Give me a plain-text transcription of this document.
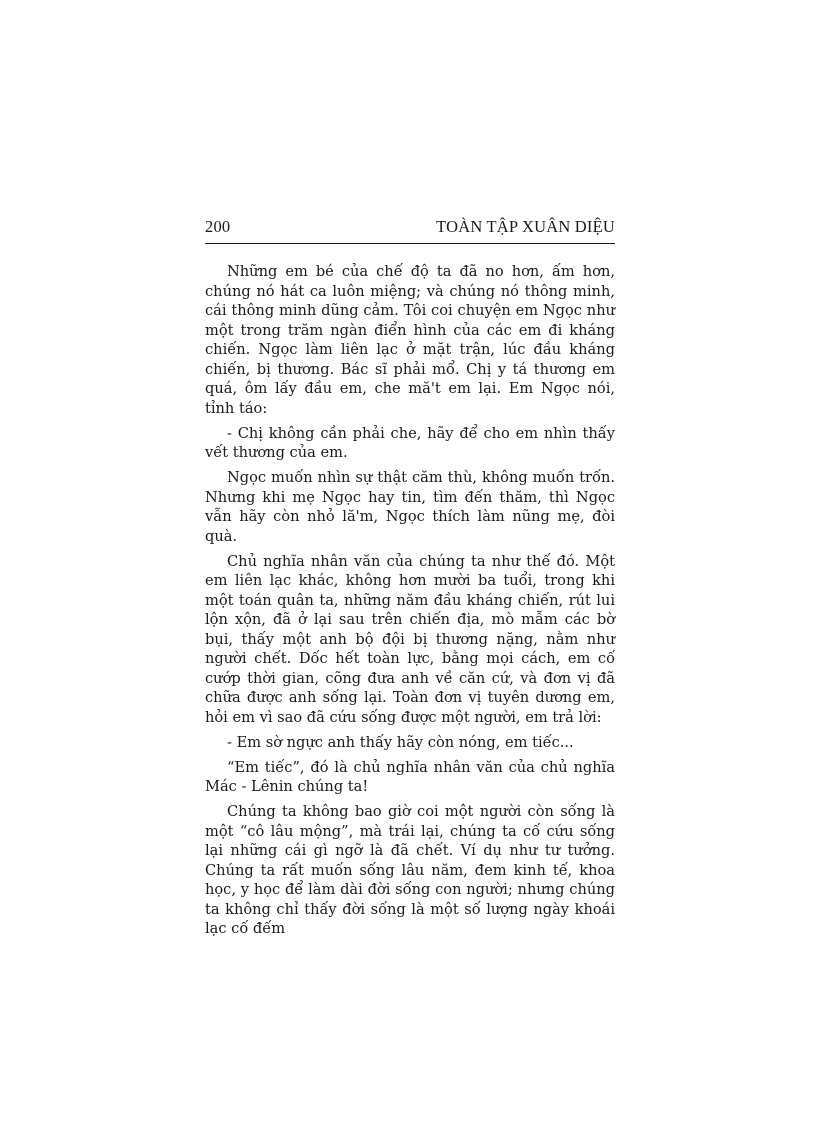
200	TOÀN TẬP XUÂN DIỆU

Những em bé của chế độ ta đã no hơn, ấm hơn, chúng nó hát ca luôn miệng; và chúng nó thông minh, cái thông minh dũng cảm. Tôi coi chuyện em Ngọc như một trong trăm ngàn điển hình của các em đi kháng chiến. Ngọc làm liên lạc ở mặt trận, lúc đầu kháng chiến, bị thương. Bác sĩ phải mổ. Chị y tá thương em quá, ôm lấy đầu em, che mă't em lại. Em Ngọc nói, tỉnh táo:

- Chị không cần phải che, hãy để cho em nhìn thấy vết thương của em.

Ngọc muốn nhìn sự thật căm thù, không muốn trốn. Nhưng khi mẹ Ngọc hay tin, tìm đến thăm, thì Ngọc vẫn hãy còn nhỏ lă'm, Ngọc thích làm nũng mẹ, đòi quà.

Chủ nghĩa nhân văn của chúng ta như thế đó. Một em liên lạc khác, không hơn mười ba tuổi, trong khi một toán quân ta, những năm đầu kháng chiến, rút lui lộn xộn, đã ở lại sau trên chiến địa, mò mẫm các bờ bụi, thấy một anh bộ đội bị thương nặng, nằm như người chết. Dốc hết toàn lực, bằng mọi cách, em cố cướp thời gian, cõng đưa anh về căn cứ, và đơn vị đã chữa được anh sống lại. Toàn đơn vị tuyên dương em, hỏi em vì sao đã cứu sống được một người, em trả lời:

- Em sờ ngực anh thấy hãy còn nóng, em tiếc...

“Em tiếc”, đó là chủ nghĩa nhân văn của chủ nghĩa Mác - Lênin chúng ta!

Chúng ta không bao giờ coi một người còn sống là một “cô lâu mộng”, mà trái lại, chúng ta cố cứu sống lại những cái gì ngỡ là đã chết. Ví dụ như tư tưởng. Chúng ta rất muốn sống lâu năm, đem kinh tế, khoa học, y học để làm dài đời sống con người; nhưng chúng ta không chỉ thấy đời sống là một số lượng ngày khoái lạc cố đếm
